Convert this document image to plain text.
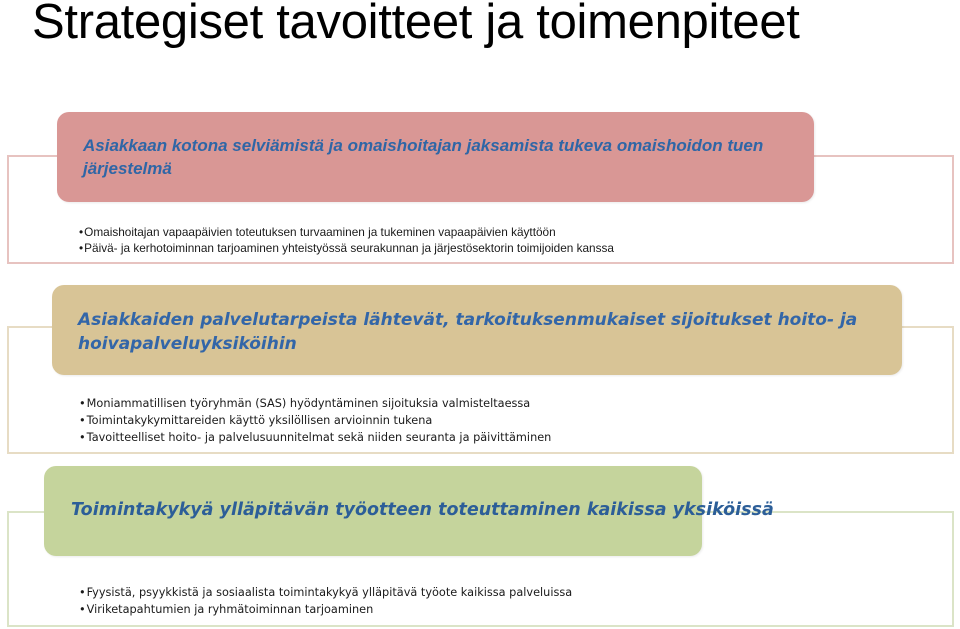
Strategiset tavoitteet ja toimenpiteet
Asiakkaan kotona selviämistä ja omaishoitajan jaksamista tukeva omaishoidon tuen järjestelmä
•Omaishoitajan vapaapäivien toteutuksen turvaaminen ja tukeminen vapaapäivien käyttöön
•Päivä- ja kerhotoiminnan tarjoaminen yhteistyössä seurakunnan ja järjestösektorin toimijoiden kanssa
Asiakkaiden palvelutarpeista lähtevät, tarkoituksenmukaiset sijoitukset hoito- ja hoivapalveluyksiköihin
•Moniammatillisen työryhmän (SAS) hyödyntäminen sijoituksia valmisteltaessa
•Toimintakykymittareiden käyttö yksilöllisen arvioinnin tukena
•Tavoitteelliset hoito- ja palvelusuunnitelmat sekä niiden seuranta ja päivittäminen
Toimintakykyä ylläpitävän työotteen toteuttaminen kaikissa yksiköissä
•Fyysistä, psyykkistä ja sosiaalista toimintakykyä ylläpitävä työote kaikissa palveluissa
•Viriketapahtumien ja ryhmätoiminnan tarjoaminen
